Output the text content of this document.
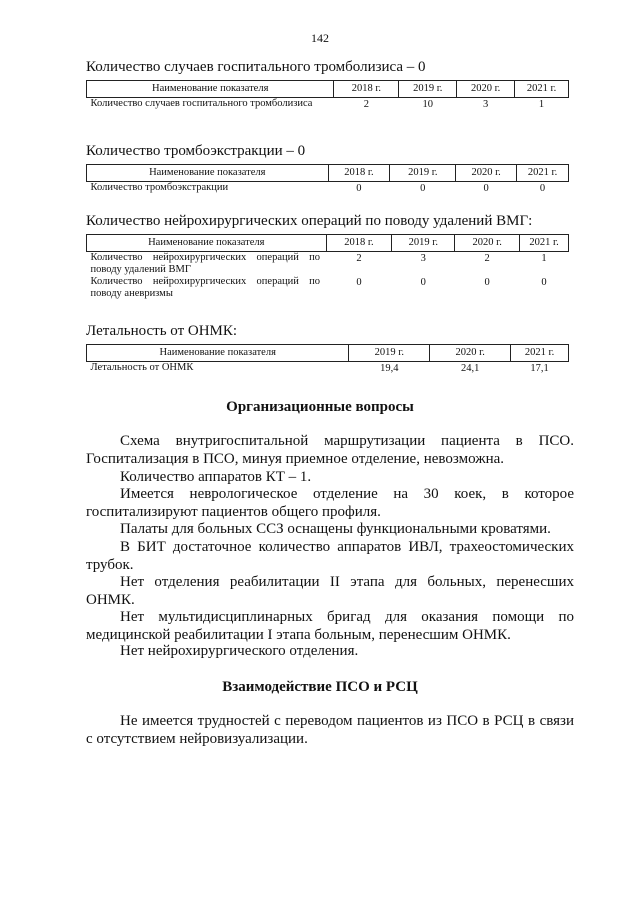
142
Количество случаев госпитального тромболизиса – 0
Наименование показателя	2018 г.	2019 г.	2020 г.	2021 г.
Количество случаев госпитального тромболизиса	2	10	3	1
Количество тромбоэкстракции – 0
Наименование показателя	2018 г.	2019 г.	2020 г.	2021 г.
Количество тромбоэкстракции	0	0	0	0
Количество нейрохирургических операций по поводу удалений ВМГ:
Наименование показателя	2018 г.	2019 г.	2020 г.	2021 г.
Количество нейрохирургических операций по поводу удалений ВМГ	2	3	2	1
Количество нейрохирургических операций по поводу аневризмы	0	0	0	0
Летальность от ОНМК:
Наименование показателя	2019 г.	2020 г.	2021 г.
Летальность от ОНМК	19,4	24,1	17,1
Организационные вопросы
Схема внутригоспитальной маршрутизации пациента в ПСО. Госпитализация в ПСО, минуя приемное отделение, невозможна.
Количество аппаратов КТ – 1.
Имеется неврологическое отделение на 30 коек, в которое госпитализируют пациентов общего профиля.
Палаты для больных ССЗ оснащены функциональными кроватями.
В БИТ достаточное количество аппаратов ИВЛ, трахеостомических трубок.
Нет отделения реабилитации II этапа для больных, перенесших ОНМК.
Нет мультидисциплинарных бригад для оказания помощи по медицинской реабилитации I этапа больным, перенесшим ОНМК.
Нет нейрохирургического отделения.
Взаимодействие ПСО и РСЦ
Не имеется трудностей с переводом пациентов из ПСО в РСЦ в связи с отсутствием нейровизуализации.
